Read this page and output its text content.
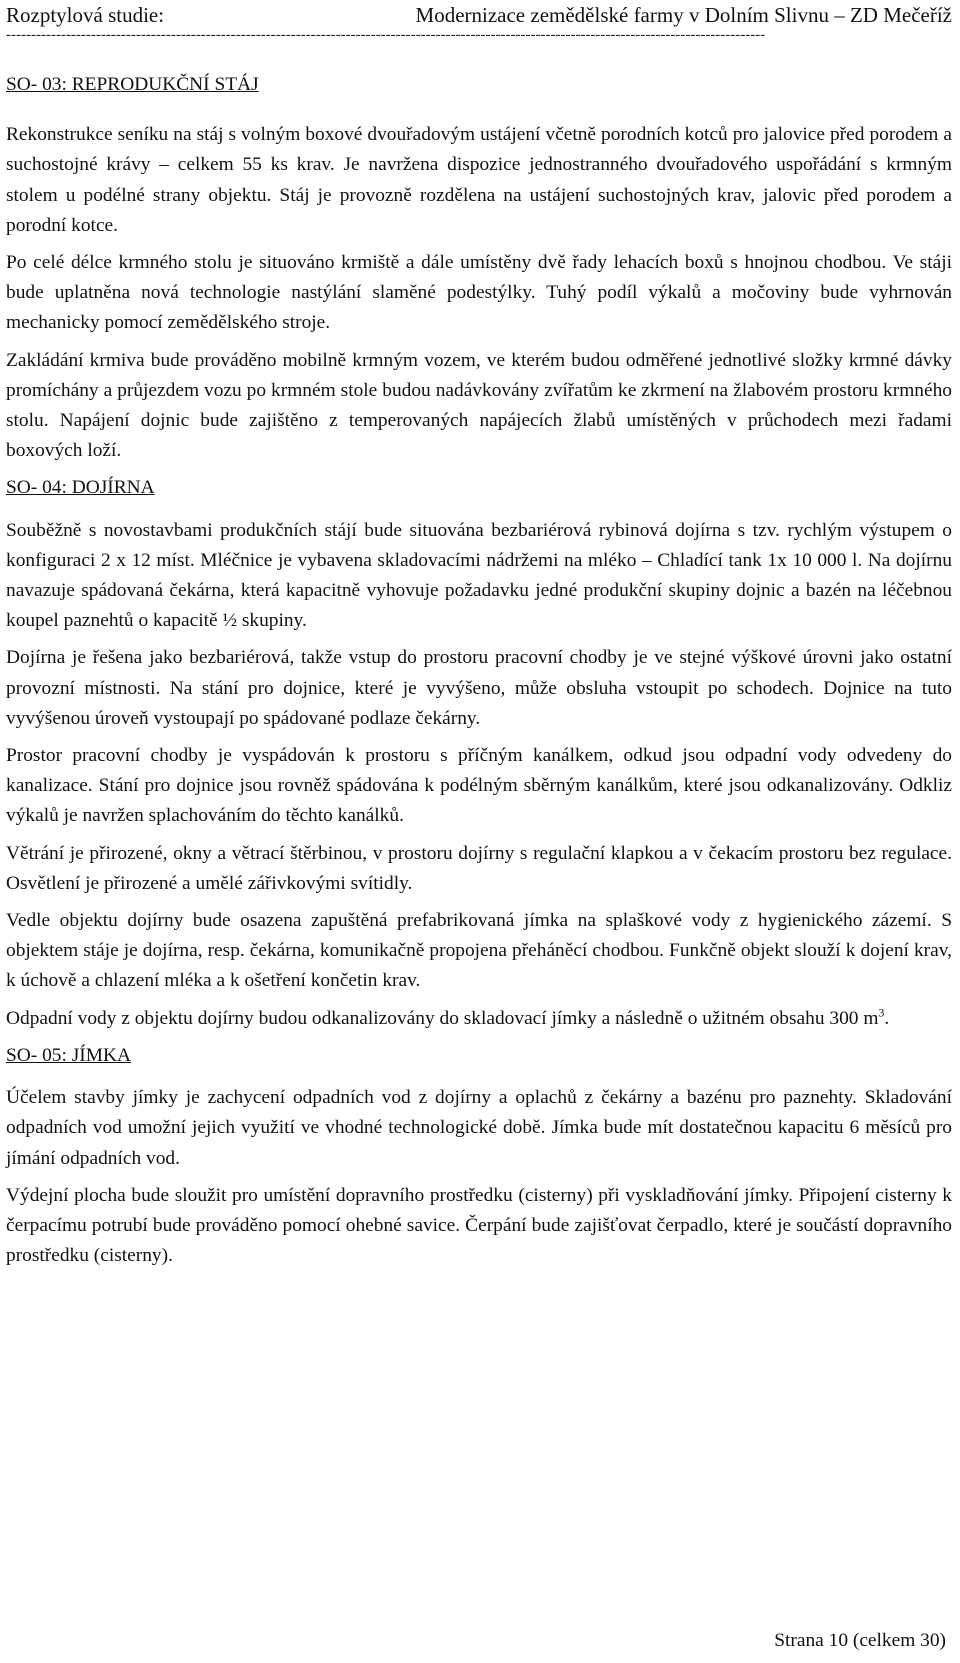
Rozptylová studie:	Modernizace zemědělské farmy v Dolním Slivnu – ZD Mečeříž
--------------------------------------------------------------------------------------------------------------------------------------------------------
SO- 03: REPRODUKČNÍ STÁJ

Rekonstrukce seníku na stáj s volným boxové dvouřadovým ustájení včetně porodních kotců pro jalovice před porodem a suchostojné krávy – celkem 55 ks krav. Je navržena dispozice jednostranného dvouřadového uspořádání s krmným stolem u podélné strany objektu. Stáj je provozně rozdělena na ustájení suchostojných krav, jalovic před porodem a porodní kotce.

Po celé délce krmného stolu je situováno krmiště a dále umístěny dvě řady lehacích boxů s hnojnou chodbou. Ve stáji bude uplatněna nová technologie nastýlání slaměné podestýlky. Tuhý podíl výkalů a močoviny bude vyhrnován mechanicky pomocí zemědělského stroje.

Zakládání krmiva bude prováděno mobilně krmným vozem, ve kterém budou odměřené jednotlivé složky krmné dávky promíchány a průjezdem vozu po krmném stole budou nadávkovány zvířatům ke zkrmení na žlabovém prostoru krmného stolu. Napájení dojnic bude zajištěno z temperovaných napájecích žlabů umístěných v průchodech mezi řadami boxových loží.

SO- 04: DOJÍRNA

Souběžně s novostavbami produkčních stájí bude situována bezbariérová rybinová dojírna s tzv. rychlým výstupem o konfiguraci 2 x 12 míst. Mléčnice je vybavena skladovacími nádržemi na mléko – Chladící tank 1x 10 000 l. Na dojírnu navazuje spádovaná čekárna, která kapacitně vyhovuje požadavku jedné produkční skupiny dojnic a bazén na léčebnou koupel paznehtů o kapacitě ½ skupiny.

Dojírna je řešena jako bezbariérová, takže vstup do prostoru pracovní chodby je ve stejné výškové úrovni jako ostatní provozní místnosti. Na stání pro dojnice, které je vyvýšeno, může obsluha vstoupit po schodech. Dojnice na tuto vyvýšenou úroveň vystoupají po spádované podlaze čekárny.

Prostor pracovní chodby je vyspádován k prostoru s příčným kanálkem, odkud jsou odpadní vody odvedeny do kanalizace. Stání pro dojnice jsou rovněž spádována k podélným sběrným kanálkům, které jsou odkanalizovány. Odkliz výkalů je navržen splachováním do těchto kanálků.

Větrání je přirozené, okny a větrací štěrbinou, v prostoru dojírny s regulační klapkou a v čekacím prostoru bez regulace. Osvětlení je přirozené a umělé zářivkovými svítidly.

Vedle objektu dojírny bude osazena zapuštěná prefabrikovaná jímka na splaškové vody z hygienického zázemí. S objektem stáje je dojírna, resp. čekárna, komunikačně propojena přeháněcí chodbou. Funkčně objekt slouží k dojení krav, k úchově a chlazení mléka a k ošetření končetin krav.

Odpadní vody z objektu dojírny budou odkanalizovány do skladovací jímky a následně o užitném obsahu 300 $m^3$.

SO- 05: JÍMKA

Účelem stavby jímky je zachycení odpadních vod z dojírny a oplachů z čekárny a bazénu pro paznehty. Skladování odpadních vod umožní jejich využití ve vhodné technologické době. Jímka bude mít dostatečnou kapacitu 6 měsíců pro jímání odpadních vod.

Výdejní plocha bude sloužit pro umístění dopravního prostředku (cisterny) při vyskladňování jímky. Připojení cisterny k čerpacímu potrubí bude prováděno pomocí ohebné savice. Čerpání bude zajišťovat čerpadlo, které je součástí dopravního prostředku (cisterny).

Strana 10 (celkem 30)
